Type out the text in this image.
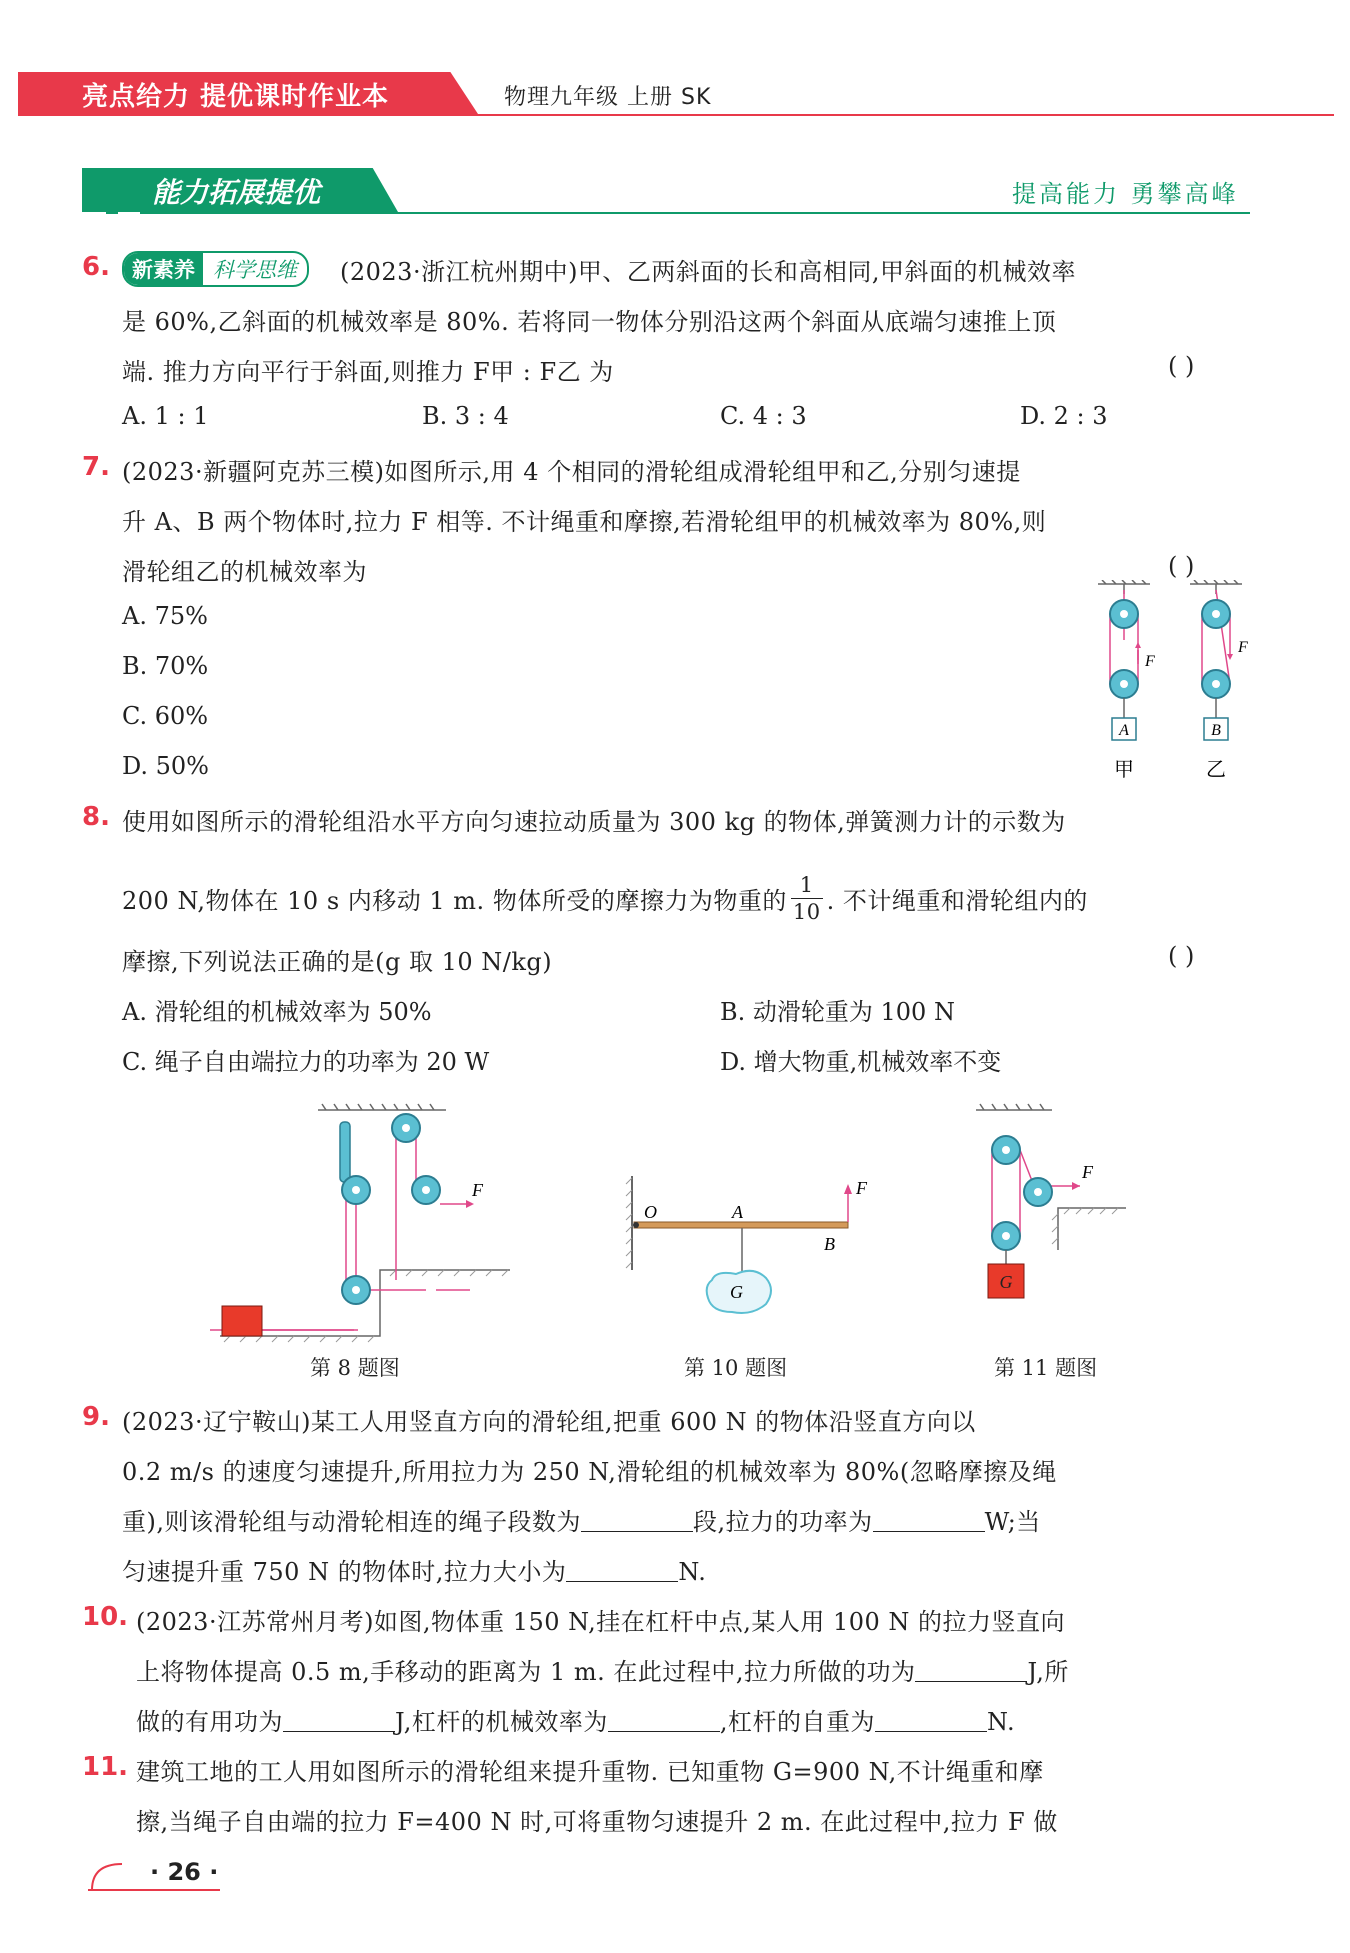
亮点给力 提优课时作业本	物理九年级 上册 SK
能力拓展提优	提高能力 勇攀高峰
6.	新素养 科学思维	(2023·浙江杭州期中)甲、乙两斜面的长和高相同,甲斜面的机械效率
是 60%,乙斜面的机械效率是 80%. 若将同一物体分别沿这两个斜面从底端匀速推上顶
端. 推力方向平行于斜面,则推力 F甲 : F乙 为	( )
A. 1 : 1	B. 3 : 4	C. 4 : 3	D. 2 : 3
7. (2023·新疆阿克苏三模)如图所示,用 4 个相同的滑轮组成滑轮组甲和乙,分别匀速提
升 A、B 两个物体时,拉力 F 相等. 不计绳重和摩擦,若滑轮组甲的机械效率为 80%,则
滑轮组乙的机械效率为	( )
A. 75%
B. 70%
C. 60%
D. 50%
A	B
F
F
甲	乙
8. 使用如图所示的滑轮组沿水平方向匀速拉动质量为 300 kg 的物体,弹簧测力计的示数为
200 N,物体在 10 s 内移动 1 m. 物体所受的摩擦力为物重的 $\frac{1}{10}$ . 不计绳重和滑轮组内的
摩擦,下列说法正确的是(g 取 10 N/kg)	( )
A. 滑轮组的机械效率为 50%	B. 动滑轮重为 100 N
C. 绳子自由端拉力的功率为 20 W	D. 增大物重,机械效率不变
F
第 8 题图
O	A
B
F
G
第 10 题图
F
G
第 11 题图
9. (2023·辽宁鞍山)某工人用竖直方向的滑轮组,把重 600 N 的物体沿竖直方向以
0.2 m/s 的速度匀速提升,所用拉力为 250 N,滑轮组的机械效率为 80%(忽略摩擦及绳
重),则该滑轮组与动滑轮相连的绳子段数为	段,拉力的功率为	W;当
匀速提升重 750 N 的物体时,拉力大小为	N.
10. (2023·江苏常州月考)如图,物体重 150 N,挂在杠杆中点,某人用 100 N 的拉力竖直向
上将物体提高 0.5 m,手移动的距离为 1 m. 在此过程中,拉力所做的功为	J,所
做的有用功为	J,杠杆的机械效率为	,杠杆的自重为	N.
11. 建筑工地的工人用如图所示的滑轮组来提升重物. 已知重物 G=900 N,不计绳重和摩
擦,当绳子自由端的拉力 F=400 N 时,可将重物匀速提升 2 m. 在此过程中,拉力 F 做
· 26 ·
